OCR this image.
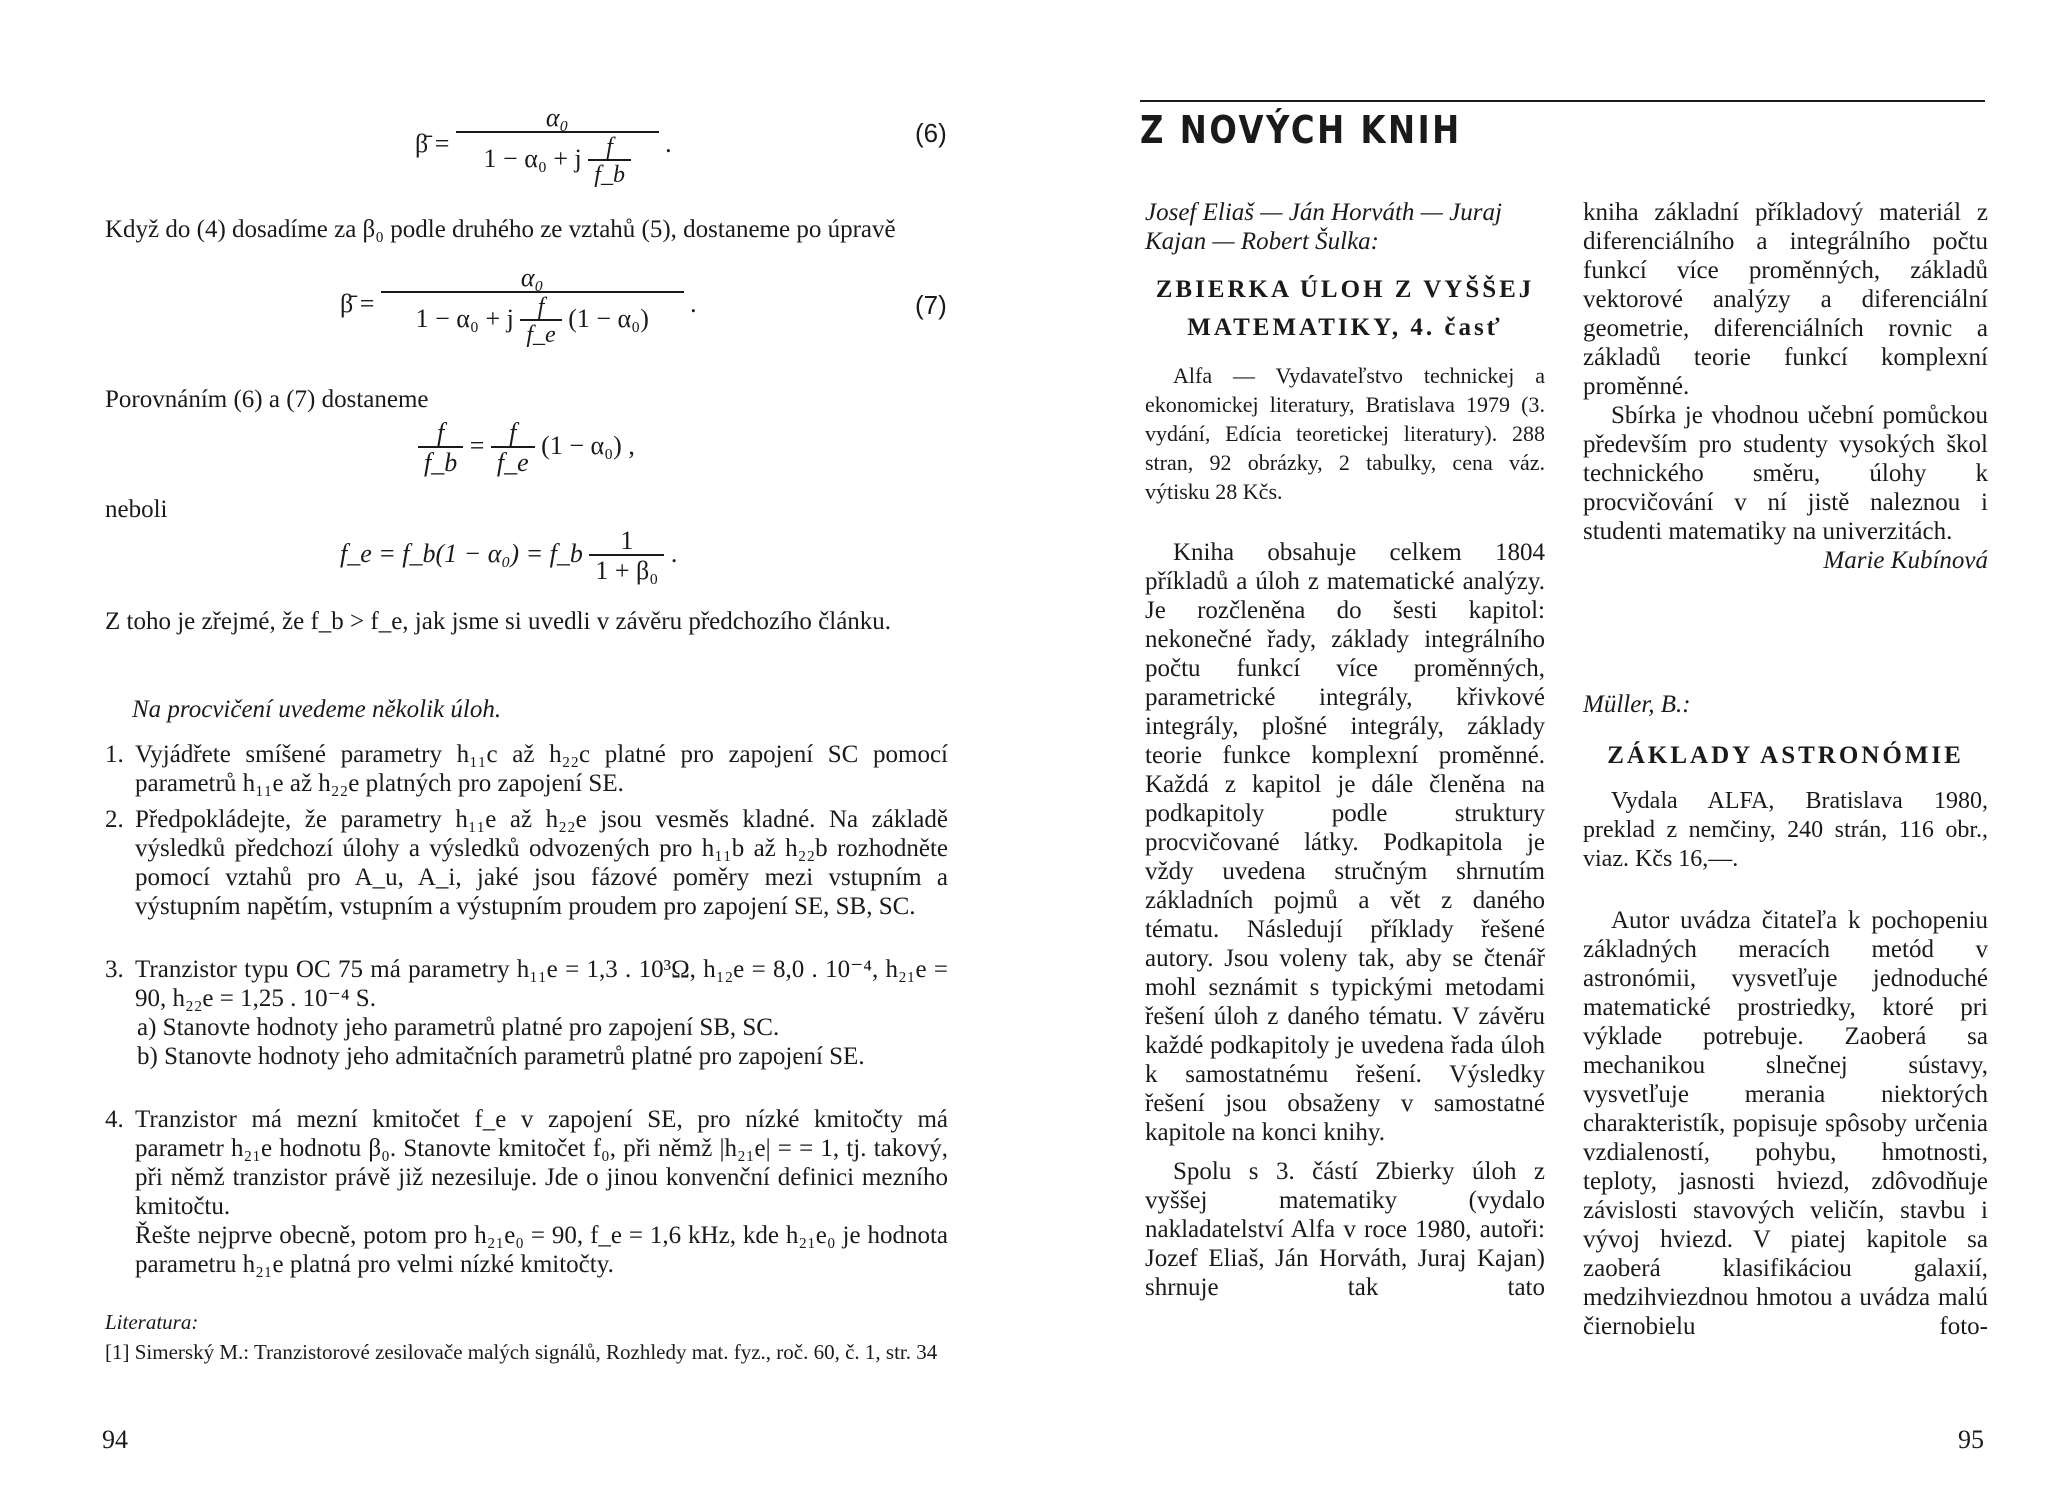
β̄ = $\frac{\text{α₀}}{1 - \alpha_0 + j \frac{f}{f\_b}}$ .	(6)

Když do (4) dosadíme za β₀ podle druhého ze vztahů (5), dostaneme po úpravě

β̄ =
α₀
1 − α₀ + j $\frac{f}{f\_e} (1 - \alpha_0)$
.	(7)

Porovnáním (6) a (7) dostaneme

$\frac{f}{f\_b} = \frac{f}{f\_e} (1 - \alpha_0)$ ,

neboli

f_e = f_b(1 − α₀) = f_b $\frac{1}{\text{1 + β₀}}$ .

Z toho je zřejmé, že f_b > f_e, jak jsme si uvedli v závěru předchozího článku.

Na procvičení uvedeme několik úloh.

1. Vyjádřete smíšené parametry h₁₁c až h₂₂c platné pro zapojení SC pomocí parametrů h₁₁e až h₂₂e platných pro zapojení SE.
2. Předpokládejte, že parametry h₁₁e až h₂₂e jsou vesměs kladné. Na základě výsledků předchozí úlohy a výsledků odvozených pro h₁₁b až h₂₂b rozhodněte pomocí vztahů pro A_u, A_i, jaké jsou fázové poměry mezi vstupním a výstupním napětím, vstupním a výstupním proudem pro zapojení SE, SB, SC.
3. Tranzistor typu OC 75 má parametry h₁₁e = 1,3 . 10³Ω, h₁₂e = 8,0 . 10⁻⁴, h₂₁e = 90, h₂₂e = 1,25 . 10⁻⁴ S.
a) Stanovte hodnoty jeho parametrů platné pro zapojení SB, SC.
b) Stanovte hodnoty jeho admitačních parametrů platné pro zapojení SE.
4. Tranzistor má mezní kmitočet f_e v zapojení SE, pro nízké kmitočty má parametr h₂₁e hodnotu β₀. Stanovte kmitočet f₀, při němž |h₂₁e| = = 1, tj. takový, při němž tranzistor právě již nezesiluje. Jde o jinou konvenční definici mezního kmitočtu.
Řešte nejprve obecně, potom pro h₂₁e₀ = 90, f_e = 1,6 kHz, kde h₂₁e₀ je hodnota parametru h₂₁e platná pro velmi nízké kmitočty.
Literatura:
[1] Simerský M.: Tranzistorové zesilovače malých signálů, Rozhledy mat. fyz., roč. 60, č. 1, str. 34
94
Z NOVÝCH KNIH
Josef Eliaš — Ján Horváth — Juraj Kajan — Robert Šulka:
ZBIERKA ÚLOH Z VYŠŠEJ
MATEMATIKY, 4. časť
Alfa — Vydavateľstvo technickej a ekonomickej literatury, Bratislava 1979 (3. vydání, Edícia teoretickej literatury). 288 stran, 92 obrázky, 2 tabulky, cena váz. výtisku 28 Kčs.

Kniha obsahuje celkem 1804 příkladů a úloh z matematické analýzy. Je rozčleněna do šesti kapitol: nekonečné řady, základy integrálního počtu funkcí více proměnných, parametrické integrály, křivkové integrály, plošné integrály, základy teorie funkce komplexní proměnné. Každá z kapitol je dále členěna na podkapitoly podle struktury procvičované látky. Podkapitola je vždy uvedena stručným shrnutím základních pojmů a vět z daného tématu. Následují příklady řešené autory. Jsou voleny tak, aby se čtenář mohl seznámit s typickými metodami řešení úloh z daného tématu. V závěru každé podkapitoly je uvedena řada úloh k samostatnému řešení. Výsledky řešení jsou obsaženy v samostatné kapitole na konci knihy.

Spolu s 3. částí Zbierky úloh z vyššej matematiky (vydalo nakladatelství Alfa v roce 1980, autoři: Jozef Eliaš, Ján Horváth, Juraj Kajan) shrnuje tak tato

kniha základní příkladový materiál z diferenciálního a integrálního počtu funkcí více proměnných, základů vektorové analýzy a diferenciální geometrie, diferenciálních rovnic a základů teorie funkcí komplexní proměnné.

Sbírka je vhodnou učební pomůckou především pro studenty vysokých škol technického směru, úlohy k procvičování v ní jistě naleznou i studenti matematiky na univerzitách.

Marie Kubínová
Müller, B.:
ZÁKLADY ASTRONÓMIE

Vydala ALFA, Bratislava 1980, preklad z nemčiny, 240 strán, 116 obr., viaz. Kčs 16,—.

Autor uvádza čitateľa k pochopeniu základných meracích metód v astronómii, vysvetľuje jednoduché matematické prostriedky, ktoré pri výklade potrebuje. Zaoberá sa mechanikou slnečnej sústavy, vysvetľuje merania niektorých charakteristík, popisuje spôsoby určenia vzdialeností, pohybu, hmotnosti, teploty, jasnosti hviezd, zdôvodňuje závislosti stavových veličín, stavbu i vývoj hviezd. V piatej kapitole sa zaoberá klasifikáciou galaxií, medzihviezdnou hmotou a uvádza malú čiernobielu foto-

95
